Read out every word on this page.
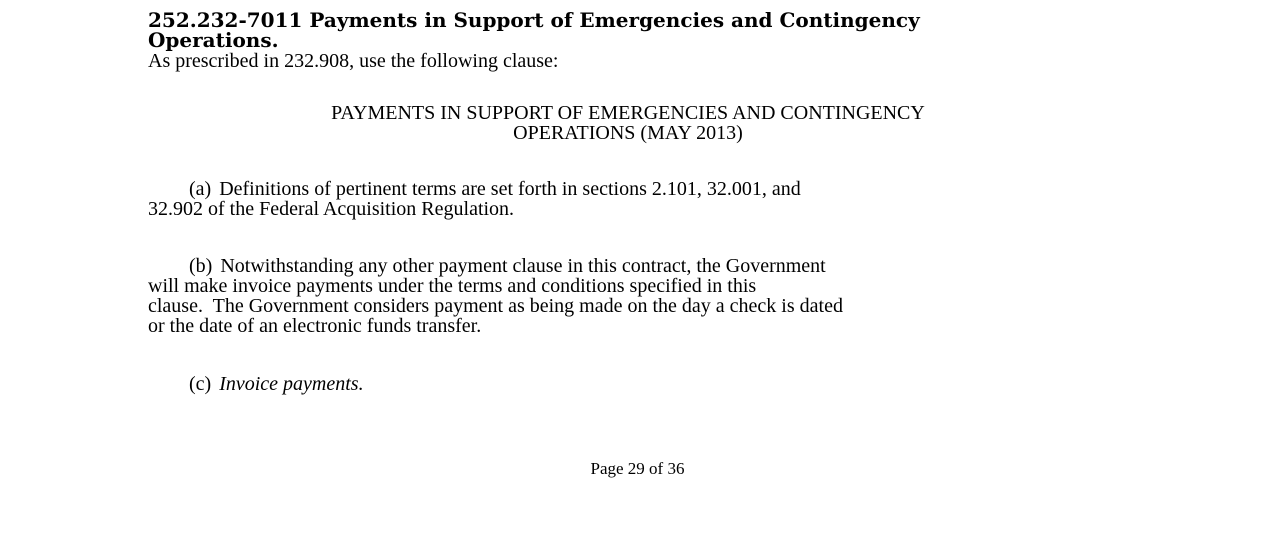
252.232-7011 Payments in Support of Emergencies and Contingency
Operations.

As prescribed in 232.908, use the following clause:

PAYMENTS IN SUPPORT OF EMERGENCIES AND CONTINGENCY
OPERATIONS (MAY 2013)
(a) Definitions of pertinent terms are set forth in sections 2.101, 32.001, and
32.902 of the Federal Acquisition Regulation.
(b) Notwithstanding any other payment clause in this contract, the Government
will make invoice payments under the terms and conditions specified in this
clause.  The Government considers payment as being made on the day a check is dated
or the date of an electronic funds transfer.
(c) Invoice payments.
Page 29 of 36
